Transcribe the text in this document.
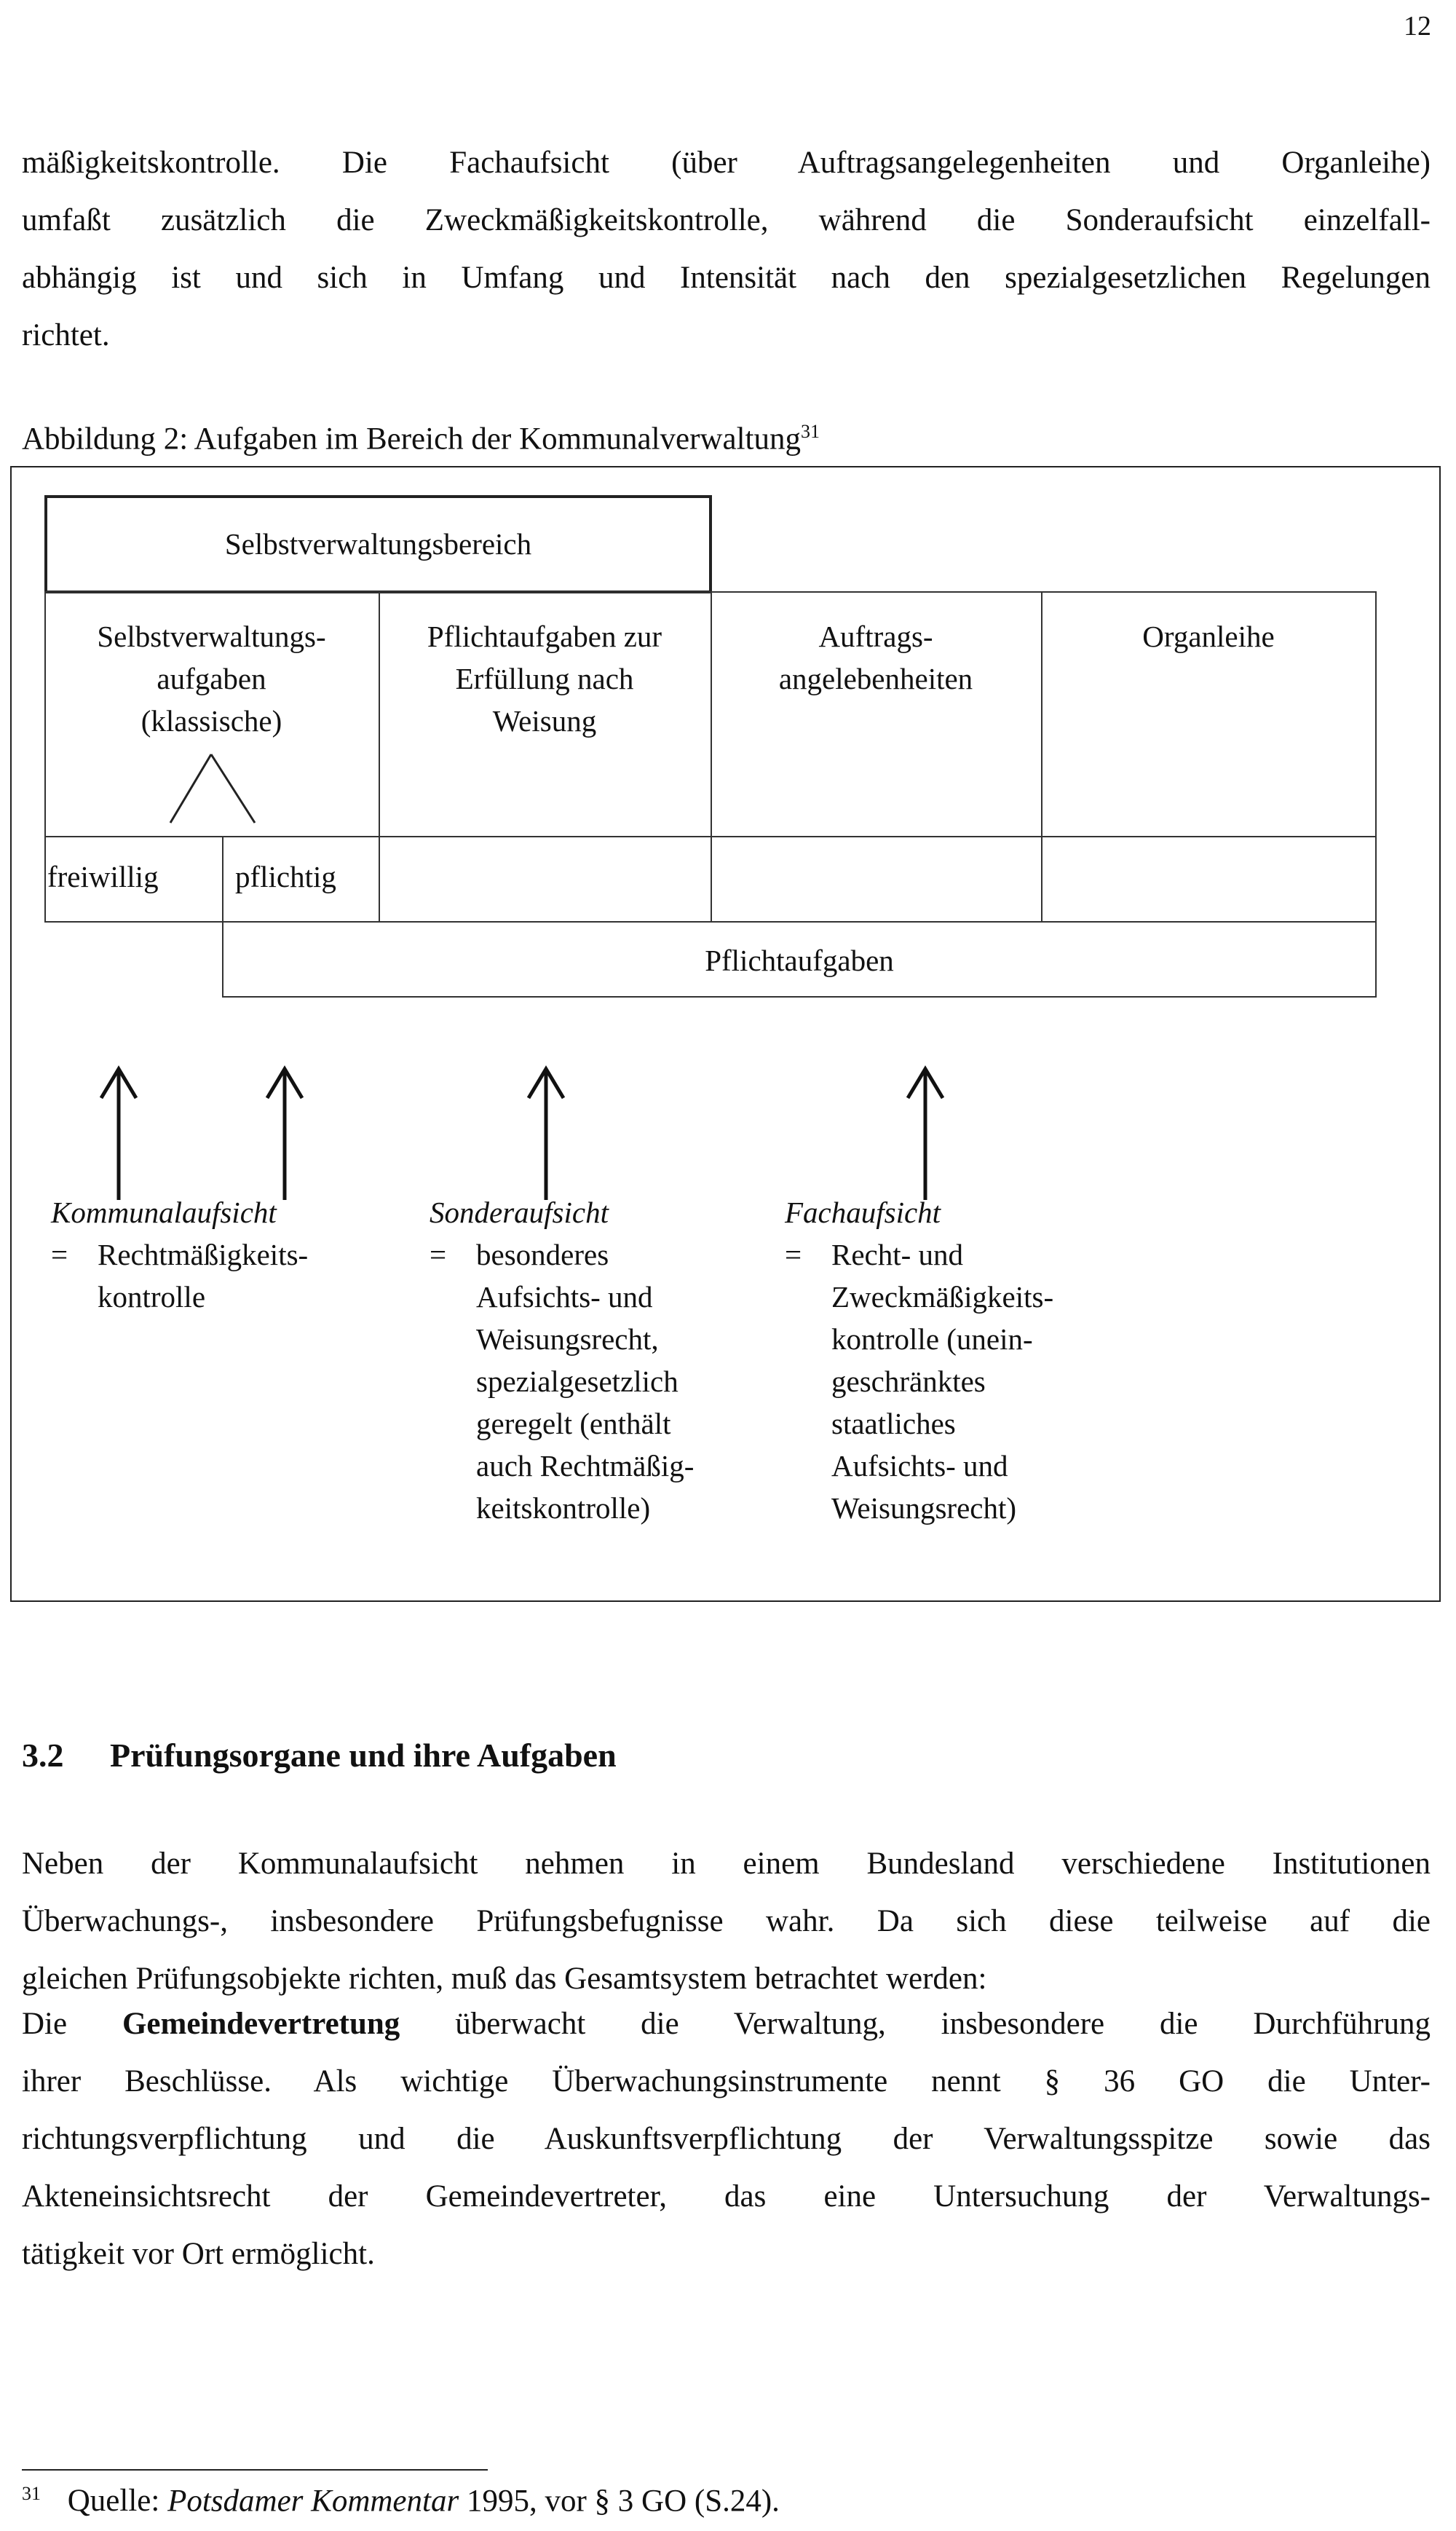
12
mäßigkeitskontrolle. Die Fachaufsicht (über Auftragsangelegenheiten und Organleihe)
umfaßt zusätzlich die Zweckmäßigkeitskontrolle, während die Sonderaufsicht einzelfall-
abhängig ist und sich in Umfang und Intensität nach den spezialgesetzlichen Regelungen
richtet.
Abbildung 2: Aufgaben im Bereich der Kommunalverwaltung$^{31}$
Selbstverwaltungsbereich
Selbstverwaltungs-
aufgaben
(klassische)
Pflichtaufgaben zur
Erfüllung nach
Weisung
Auftrags-
angelebenheiten
Organleihe
freiwillig	pflichtig
Pflichtaufgaben
Kommunalaufsicht
= Rechtmäßigkeits-
kontrolle
Sonderaufsicht
= besonderes
Aufsichts- und
Weisungsrecht,
spezialgesetzlich
geregelt (enthält
auch Rechtmäßig-
keitskontrolle)
Fachaufsicht
= Recht- und
Zweckmäßigkeits-
kontrolle (unein-
geschränktes
staatliches
Aufsichts- und
Weisungsrecht)
3.2 Prüfungsorgane und ihre Aufgaben
Neben der Kommunalaufsicht nehmen in einem Bundesland verschiedene Institutionen
Überwachungs-, insbesondere Prüfungsbefugnisse wahr. Da sich diese teilweise auf die
gleichen Prüfungsobjekte richten, muß das Gesamtsystem betrachtet werden:
Die Gemeindevertretung überwacht die Verwaltung, insbesondere die Durchführung
ihrer Beschlüsse. Als wichtige Überwachungsinstrumente nennt § 36 GO die Unter-
richtungsverpflichtung und die Auskunftsverpflichtung der Verwaltungsspitze sowie das
Akteneinsichtsrecht der Gemeindevertreter, das eine Untersuchung der Verwaltungs-
tätigkeit vor Ort ermöglicht.
$^{31}$ Quelle: Potsdamer Kommentar 1995, vor § 3 GO (S.24).
